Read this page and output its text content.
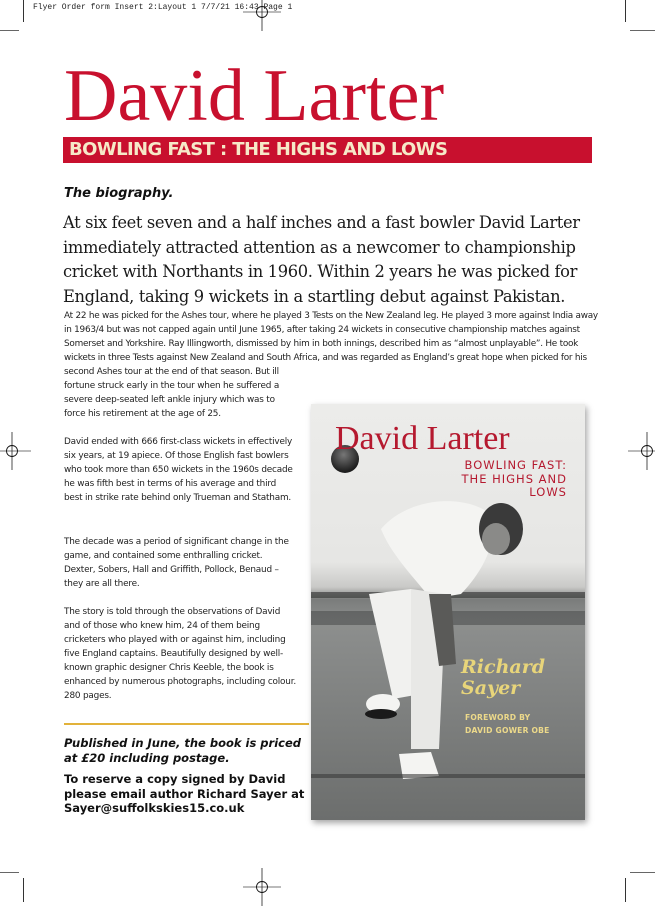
Flyer Order form Insert 2:Layout 1 7/7/21 16:43 Page 1
David Larter
BOWLING FAST : THE HIGHS AND LOWS
The biography.
At six feet seven and a half inches and a fast bowler David Larter immediately attracted attention as a newcomer to championship cricket with Northants in 1960. Within 2 years he was picked for England, taking 9 wickets in a startling debut against Pakistan.
At 22 he was picked for the Ashes tour, where he played 3 Tests on the New Zealand leg. He played 3 more against India away in 1963/4 but was not capped again until June 1965, after taking 24 wickets in consecutive championship matches against Somerset and Yorkshire. Ray Illingworth, dismissed by him in both innings, described him as “almost unplayable”. He took wickets in three Tests against New Zealand and South Africa, and was regarded as England’s great hope when picked for his second Ashes tour at the end of that season. But ill
fortune struck early in the tour when he suffered a severe deep-seated left ankle injury which was to force his retirement at the age of 25.
David ended with 666 first-class wickets in effectively six years, at 19 apiece. Of those English fast bowlers who took more than 650 wickets in the 1960s decade he was fifth best in terms of his average and third best in strike rate behind only Trueman and Statham.
The decade was a period of significant change in the game, and contained some enthralling cricket. Dexter, Sobers, Hall and Griffith, Pollock, Benaud – they are all there.
The story is told through the observations of David and of those who knew him, 24 of them being cricketers who played with or against him, including five England captains. Beautifully designed by well-known graphic designer Chris Keeble, the book is enhanced by numerous photographs, including colour. 280 pages.
Published in June, the book is priced at £20 including postage.
To reserve a copy signed by David please email author Richard Sayer at Sayer@suffolkskies15.co.uk
David Larter
BOWLING FAST:
THE HIGHS AND
LOWS
Richard
Sayer
FOREWORD BY
DAVID GOWER OBE
